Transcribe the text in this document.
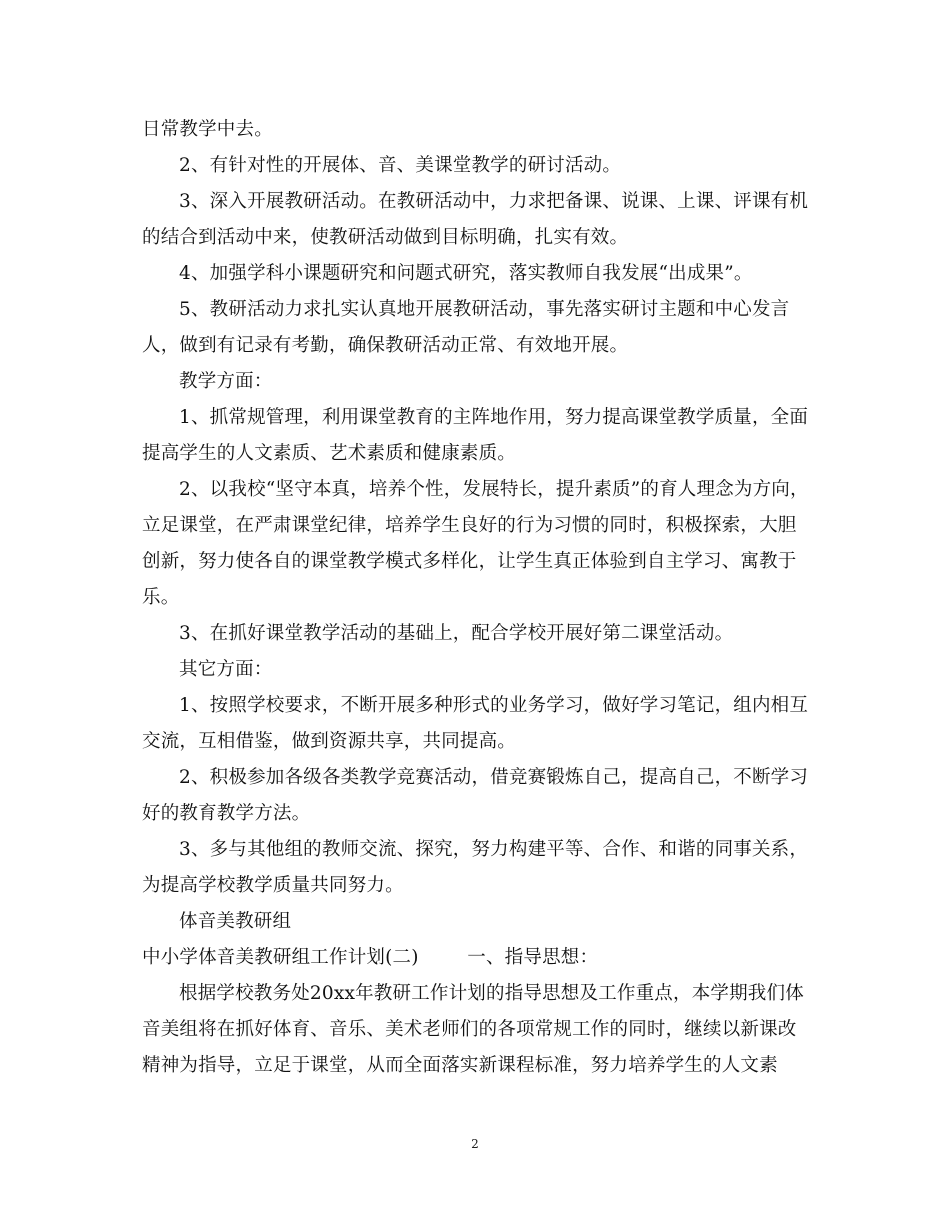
日常教学中去。
2、有针对性的开展体、音、美课堂教学的研讨活动。
3、深入开展教研活动。在教研活动中，力求把备课、说课、上课、评课有机
的结合到活动中来，使教研活动做到目标明确，扎实有效。
4、加强学科小课题研究和问题式研究，落实教师自我发展“出成果”。
5、教研活动力求扎实认真地开展教研活动，事先落实研讨主题和中心发言
人，做到有记录有考勤，确保教研活动正常、有效地开展。
教学方面：
1、抓常规管理，利用课堂教育的主阵地作用，努力提高课堂教学质量，全面
提高学生的人文素质、艺术素质和健康素质。
2、以我校“坚守本真，培养个性，发展特长，提升素质”的育人理念为方向，
立足课堂，在严肃课堂纪律，培养学生良好的行为习惯的同时，积极探索，大胆
创新，努力使各自的课堂教学模式多样化，让学生真正体验到自主学习、寓教于
乐。
3、在抓好课堂教学活动的基础上，配合学校开展好第二课堂活动。
其它方面：
1、按照学校要求，不断开展多种形式的业务学习，做好学习笔记，组内相互
交流，互相借鉴，做到资源共享，共同提高。
2、积极参加各级各类教学竞赛活动，借竞赛锻炼自己，提高自己，不断学习
好的教育教学方法。
3、多与其他组的教师交流、探究，努力构建平等、合作、和谐的同事关系，
为提高学校教学质量共同努力。
体音美教研组
中小学体音美教研组工作计划(二)        一、指导思想：
根据学校教务处20xx年教研工作计划的指导思想及工作重点，本学期我们体
音美组将在抓好体育、音乐、美术老师们的各项常规工作的同时，继续以新课改
精神为指导，立足于课堂，从而全面落实新课程标准，努力培养学生的人文素
2
